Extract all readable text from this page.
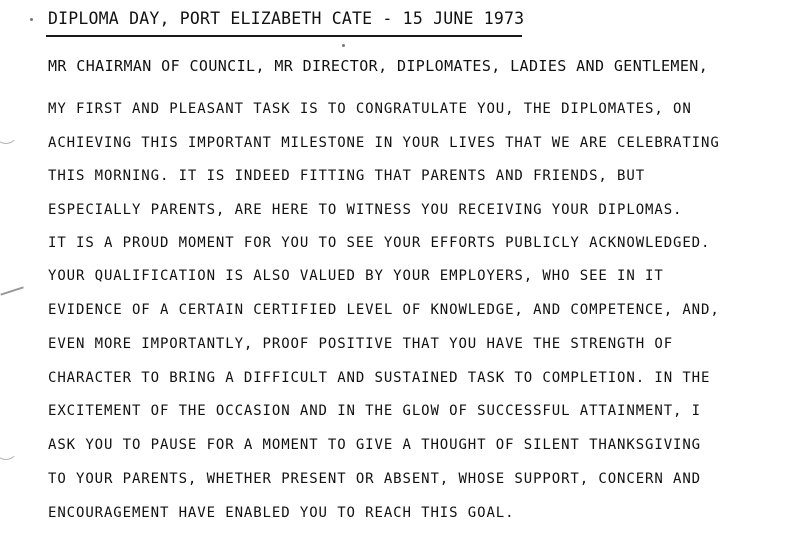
DIPLOMA DAY, PORT ELIZABETH CATE - 15 JUNE 1973
MR CHAIRMAN OF COUNCIL, MR DIRECTOR, DIPLOMATES, LADIES AND GENTLEMEN,
MY FIRST AND PLEASANT TASK IS TO CONGRATULATE YOU, THE DIPLOMATES, ON
ACHIEVING THIS IMPORTANT MILESTONE IN YOUR LIVES THAT WE ARE CELEBRATING
THIS MORNING. IT IS INDEED FITTING THAT PARENTS AND FRIENDS, BUT
ESPECIALLY PARENTS, ARE HERE TO WITNESS YOU RECEIVING YOUR DIPLOMAS.
IT IS A PROUD MOMENT FOR YOU TO SEE YOUR EFFORTS PUBLICLY ACKNOWLEDGED.
YOUR QUALIFICATION IS ALSO VALUED BY YOUR EMPLOYERS, WHO SEE IN IT
EVIDENCE OF A CERTAIN CERTIFIED LEVEL OF KNOWLEDGE, AND COMPETENCE, AND,
EVEN MORE IMPORTANTLY, PROOF POSITIVE THAT YOU HAVE THE STRENGTH OF
CHARACTER TO BRING A DIFFICULT AND SUSTAINED TASK TO COMPLETION. IN THE
EXCITEMENT OF THE OCCASION AND IN THE GLOW OF SUCCESSFUL ATTAINMENT, I
ASK YOU TO PAUSE FOR A MOMENT TO GIVE A THOUGHT OF SILENT THANKSGIVING
TO YOUR PARENTS, WHETHER PRESENT OR ABSENT, WHOSE SUPPORT, CONCERN AND
ENCOURAGEMENT HAVE ENABLED YOU TO REACH THIS GOAL.
